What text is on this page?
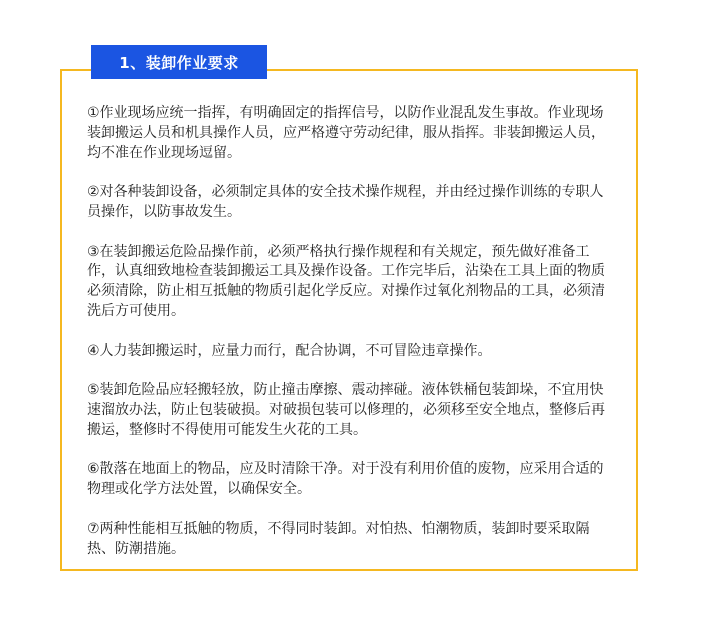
1、装卸作业要求

①作业现场应统一指挥，有明确固定的指挥信号，以防作业混乱发生事故。作业现场装卸搬运人员和机具操作人员，应严格遵守劳动纪律，服从指挥。非装卸搬运人员，均不准在作业现场逗留。

②对各种装卸设备，必须制定具体的安全技术操作规程，并由经过操作训练的专职人员操作，以防事故发生。

③在装卸搬运危险品操作前，必须严格执行操作规程和有关规定，预先做好准备工作，认真细致地检查装卸搬运工具及操作设备。工作完毕后，沾染在工具上面的物质必须清除，防止相互抵触的物质引起化学反应。对操作过氧化剂物品的工具，必须清洗后方可使用。

④人力装卸搬运时，应量力而行，配合协调，不可冒险违章操作。

⑤装卸危险品应轻搬轻放，防止撞击摩擦、震动摔碰。液体铁桶包装卸垛，不宜用快速溜放办法，防止包装破损。对破损包装可以修理的，必须移至安全地点，整修后再搬运，整修时不得使用可能发生火花的工具。

⑥散落在地面上的物品，应及时清除干净。对于没有利用价值的废物，应采用合适的物理或化学方法处置，以确保安全。

⑦两种性能相互抵触的物质，不得同时装卸。对怕热、怕潮物质，装卸时要采取隔热、防潮措施。
